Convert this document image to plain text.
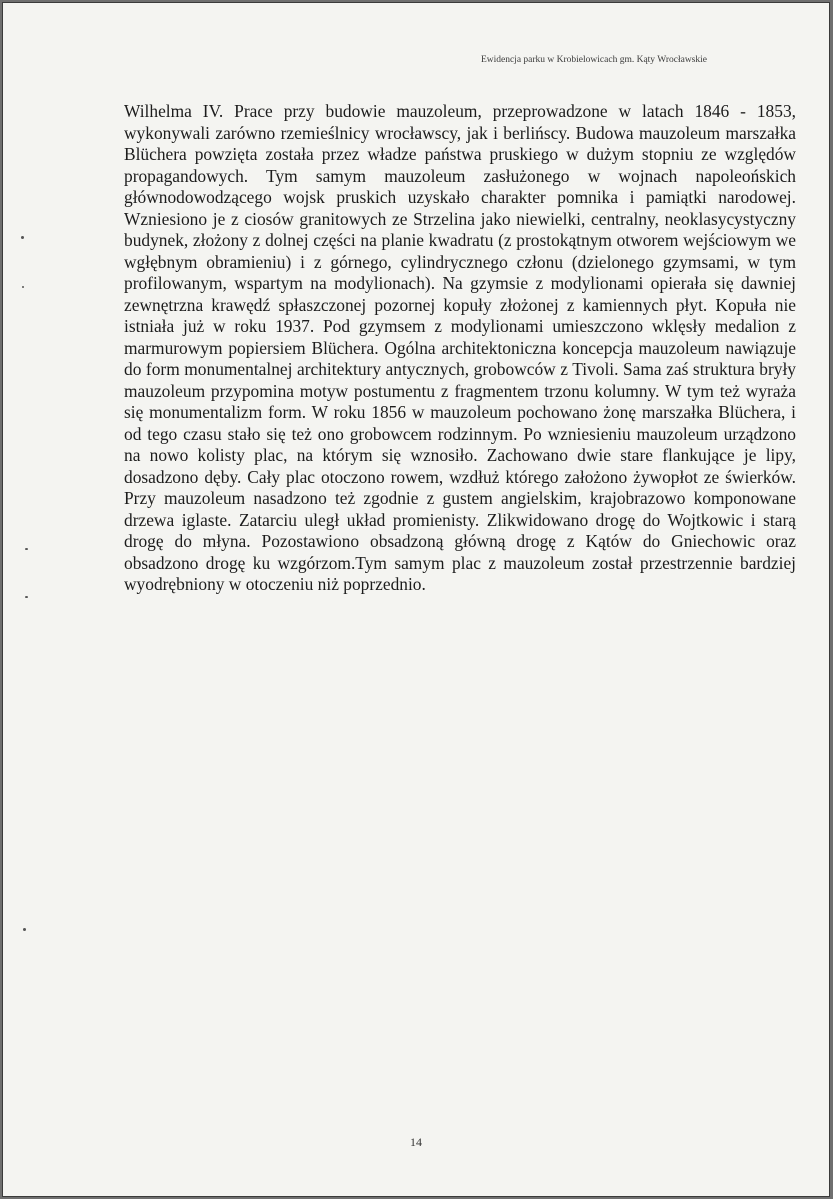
Ewidencja parku w Krobielowicach gm. Kąty Wrocławskie

Wilhelma IV. Prace przy budowie mauzoleum, przeprowadzone w latach 1846 - 1853, wykonywali zarówno rzemieślnicy wrocławscy, jak i berlińscy. Budowa mauzoleum marszałka Blüchera powzięta została przez władze państwa pruskiego w dużym stopniu ze względów propagandowych. Tym samym mauzoleum zasłużonego w wojnach napoleońskich głównodowodzącego wojsk pruskich uzyskało charakter pomnika i pamiątki narodowej. Wzniesiono je z ciosów granitowych ze Strzelina jako niewielki, centralny, neoklasycystyczny budynek, złożony z dolnej części na planie kwadratu (z prostokątnym otworem wejściowym we wgłębnym obramieniu) i z górnego, cylindrycznego członu (dzielonego gzymsami, w tym profilowanym, wspartym na modylionach). Na gzymsie z modylionami opierała się dawniej zewnętrzna krawędź spłaszczonej pozornej kopuły złożonej z kamiennych płyt. Kopuła nie istniała już w roku 1937. Pod gzymsem z modylionami umieszczono wklęsły medalion z marmurowym popiersiem Blüchera. Ogólna architektoniczna koncepcja mauzoleum nawiązuje do form monumentalnej architektury antycznych, grobowców z Tivoli. Sama zaś struktura bryły mauzoleum przypomina motyw postumentu z fragmentem trzonu kolumny. W tym też wyraża się monumentalizm form. W roku 1856 w mauzoleum pochowano żonę marszałka Blüchera, i od tego czasu stało się też ono grobowcem rodzinnym. Po wzniesieniu mauzoleum urządzono na nowo kolisty plac, na którym się wznosiło. Zachowano dwie stare flankujące je lipy, dosadzono dęby. Cały plac otoczono rowem, wzdłuż którego założono żywopłot ze świerków. Przy mauzoleum nasadzono też zgodnie z gustem angielskim, krajobrazowo komponowane drzewa iglaste. Zatarciu uległ układ promienisty. Zlikwidowano drogę do Wojtkowic i starą drogę do młyna. Pozostawiono obsadzoną główną drogę z Kątów do Gniechowic oraz obsadzono drogę ku wzgórzom.Tym samym plac z mauzoleum został przestrzennie bardziej wyodrębniony w otoczeniu niż poprzednio.

14
